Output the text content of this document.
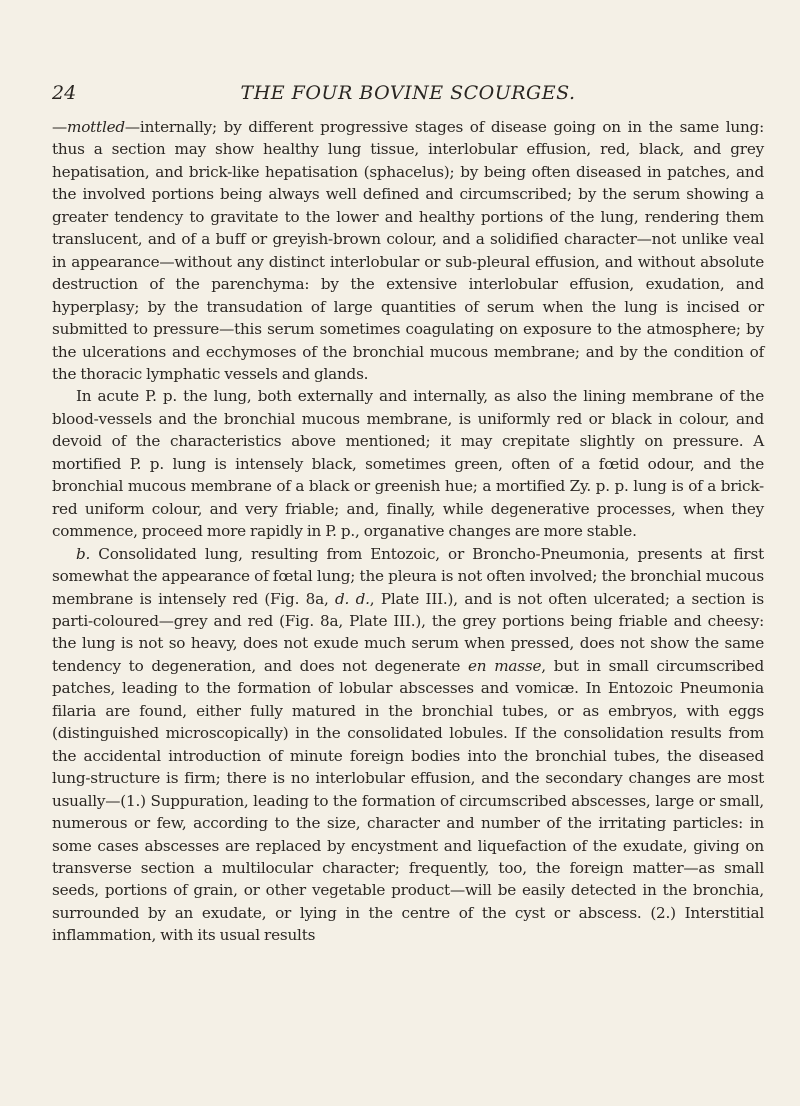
24	THE FOUR BOVINE SCOURGES.

—mottled—internally; by different progressive stages of disease going on in the same lung: thus a section may show healthy lung tissue, interlobular effusion, red, black, and grey hepatisation, and brick-like hepatisation (sphacelus); by being often diseased in patches, and the involved portions being always well defined and circumscribed; by the serum showing a greater tendency to gravitate to the lower and healthy portions of the lung, rendering them translucent, and of a buff or greyish-brown colour, and a solidified character—not unlike veal in appearance—without any distinct interlobular or sub-pleural effusion, and without absolute destruction of the parenchyma: by the extensive interlobular effusion, exudation, and hyperplasy; by the transudation of large quantities of serum when the lung is incised or submitted to pressure—this serum sometimes coagulating on exposure to the atmosphere; by the ulcerations and ecchymoses of the bronchial mucous membrane; and by the condition of the thoracic lymphatic vessels and glands.

In acute P. p. the lung, both externally and internally, as also the lining membrane of the blood-vessels and the bronchial mucous membrane, is uniformly red or black in colour, and devoid of the characteristics above mentioned; it may crepitate slightly on pressure. A mortified P. p. lung is intensely black, sometimes green, often of a fœtid odour, and the bronchial mucous membrane of a black or greenish hue; a mortified Zy. p. p. lung is of a brick-red uniform colour, and very friable; and, finally, while degenerative processes, when they commence, proceed more rapidly in P. p., organative changes are more stable.

b. Consolidated lung, resulting from Entozoic, or Broncho-Pneumonia, presents at first somewhat the appearance of fœtal lung; the pleura is not often involved; the bronchial mucous membrane is intensely red (Fig. 8a, d. d., Plate III.), and is not often ulcerated; a section is parti-coloured—grey and red (Fig. 8a, Plate III.), the grey portions being friable and cheesy: the lung is not so heavy, does not exude much serum when pressed, does not show the same tendency to degeneration, and does not degenerate en masse, but in small circumscribed patches, leading to the formation of lobular abscesses and vomicæ. In Entozoic Pneumonia filaria are found, either fully matured in the bronchial tubes, or as embryos, with eggs (distinguished microscopically) in the consolidated lobules. If the consolidation results from the accidental introduction of minute foreign bodies into the bronchial tubes, the diseased lung-structure is firm; there is no interlobular effusion, and the secondary changes are most usually—(1.) Suppuration, leading to the formation of circumscribed abscesses, large or small, numerous or few, according to the size, character and number of the irritating particles: in some cases abscesses are replaced by encystment and liquefaction of the exudate, giving on transverse section a multilocular character; frequently, too, the foreign matter—as small seeds, portions of grain, or other vegetable product—will be easily detected in the bronchia, surrounded by an exudate, or lying in the centre of the cyst or abscess. (2.) Interstitial inflammation, with its usual results
